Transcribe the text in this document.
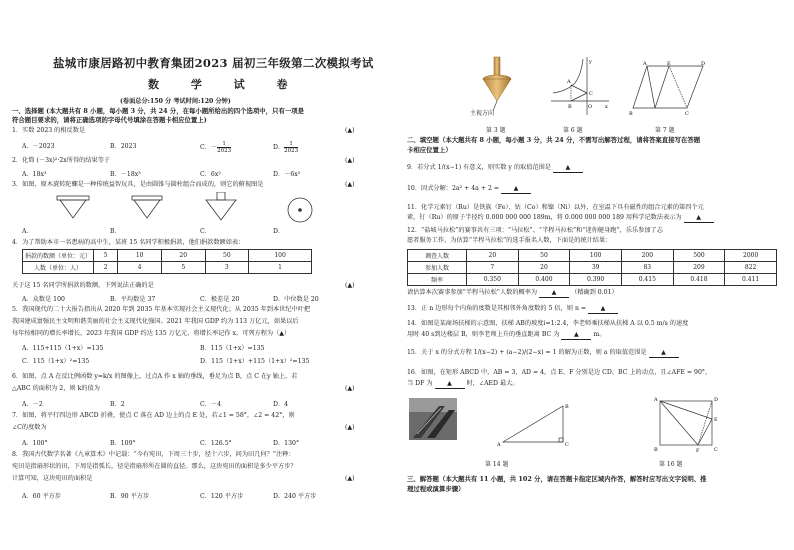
盐城市康居路初中教育集团2023 届初三年级第二次模拟考试
数 学 试 卷
(卷面总分:150 分 考试时间:120 分钟)
一、选择题 (本大题共有 8 小题，每小题 3 分，共 24 分，在每小题所给出的四个选项中，只有一项是
符合题目要求的，请将正确选项的字母代号填涂在答题卡相应位置上)
1．实数 2023 的相反数是	(▲)
A．－2023	B．2023	C．－ $\frac{1}{2023}$	D． $\frac{1}{2023}$
2．化简 (－3x)²·2x所得的结果等于	(▲)
A．18x³	B．－18x³	C．6x²	D．－6x²
3．如图，原木旋转陀螺是一种传统益智玩具，是由圆锥与圆柱组合而成的，则它的俯视图是	(▲)
A．	B．	C．	D．
4．为了帮助本市一名患病的高中生，某班 15 名同学积极捐款，他们捐款数额如表：
捐款的数额（单位：元）	5	10	20	50	100
人数（单位：人）	2	4	5	3	1
关于这 15 名同学所捐款的数额，下列说法正确的是	(▲)
A．众数是 100	B．平均数是 37	C．极差是 20	D．中位数是 20
5．我国现代的二十大报告指出从 2020 年到 2035 年基本实现社会主义现代化；从 2035 年到本世纪中叶把
我国建成富强民主文明和谐美丽的社会主义现代化强国。2021 年我国 GDP 约为 113 万亿元，如果以后
每年按相同的增长率增长，2023 年我国 GDP 约达 135 万亿元，将增长率记作 x，可列方程为（▲）
A．115+115（1+x）=135	B．115（1+x）=135
C．115（1+x）²=135	D．115（1+x）+115（1+x）²=135
6．如图，点 A 在反比例函数 y=k/x 的图像上，过点A 作 x 轴的垂线，垂足为点 B，点 C 在y 轴上，若
△ABC 的面积为 2，则 k的值为	(▲)
A．－2	B．2	C．－4	D．4
7．如图，将平行四边形 ABCD 折叠，使点 C 落在 AD 边上的点 E 处，若∠1 = 58°，∠2 = 42°，则
∠C的度数为	(▲)
A．100°	B．109°	C．126.5°	D．130°
8．我国古代数学名著《九章算术》中记载：“今有宛田，下周三十步，径十六步，问为田几何？”注释：
宛田是指扇形状的田，下周是指弧长，径是指扇形所在圆的直径。那么，这块宛田的面积是多少平方步？
计算可知，这块宛田的面积是	(▲)
A．60 平方步	B．90 平方步	C．120 平方步	D．240 平方步
主视方向
第 3 题
A
B
C
y
x
O
第 6 题
A	E	D
B	C
第 7 题
二、填空题（本大题共有 8 小题，每小题 3 分，共 24 分，不需写出解答过程，请将答案直接写在答题
卡相应位置上）
9．若分式 1/(x−1) 有意义，则实数 y 的取值范围是 ▲
10．因式分解：2a² + 4a + 2 = ▲
11．化学元素钉（Ru）是铁族（Fe）、钴（Co）和镍（Ni）以外，在室温下具有磁性的组合元素的第四个元
素，钉（Ru）的原子半径约 0.000 000 000 189m，将 0.000 000 000 189 用科学记数法表示为 ▲
12．“盐城马拉松”的赛事共有三项：“马拉松”、“半程马拉松”和“迷你健身跑”，乐乐参加了志
愿者服务工作，为估算“半程马拉松”的选手报名人数，下面是的统计结果：
调查人数	20	50	100	200	500	2000
参加人数	7	20	39	83	209	822
频率	0.350	0.400	0.390	0.415	0.418	0.411
请估算本次赛事参加“半程马拉松”人数的概率为 ▲ （精确到 0.01）
13．正 n 边形每个内角的度数是其相邻外角度数的 5 倍，则 n = ▲
14．如图是某商场扶梯的示意图，扶梯 AB的坡度i=1:2.4，李老师乘扶梯从扶梯 A 以 0.5 m/s 的速度
用时 40 s到达楼层 B，则李老师上升的垂直距离 BC 为 ▲ m。
15．关于 x 的分式方程 1/(x−2) + (a−2)/(2−x) = 1 的解为正数，则 a 的取值范围是 ▲
16．如图，在矩形 ABCD 中，AB = 3，AD = 4，点 E、F 分别是边 CD、BC 上的动点，且∠AFE = 90°，
当 DF 为 ▲ 时，∠AED 最大。
A
B
C
第 14 题
A	D
B	C
E
F
第 16 题
三、解答题（本大题共有 11 小题，共 102 分，请在答题卡指定区域内作答，解答时应写出文字说明、推
理过程或演算步骤）
